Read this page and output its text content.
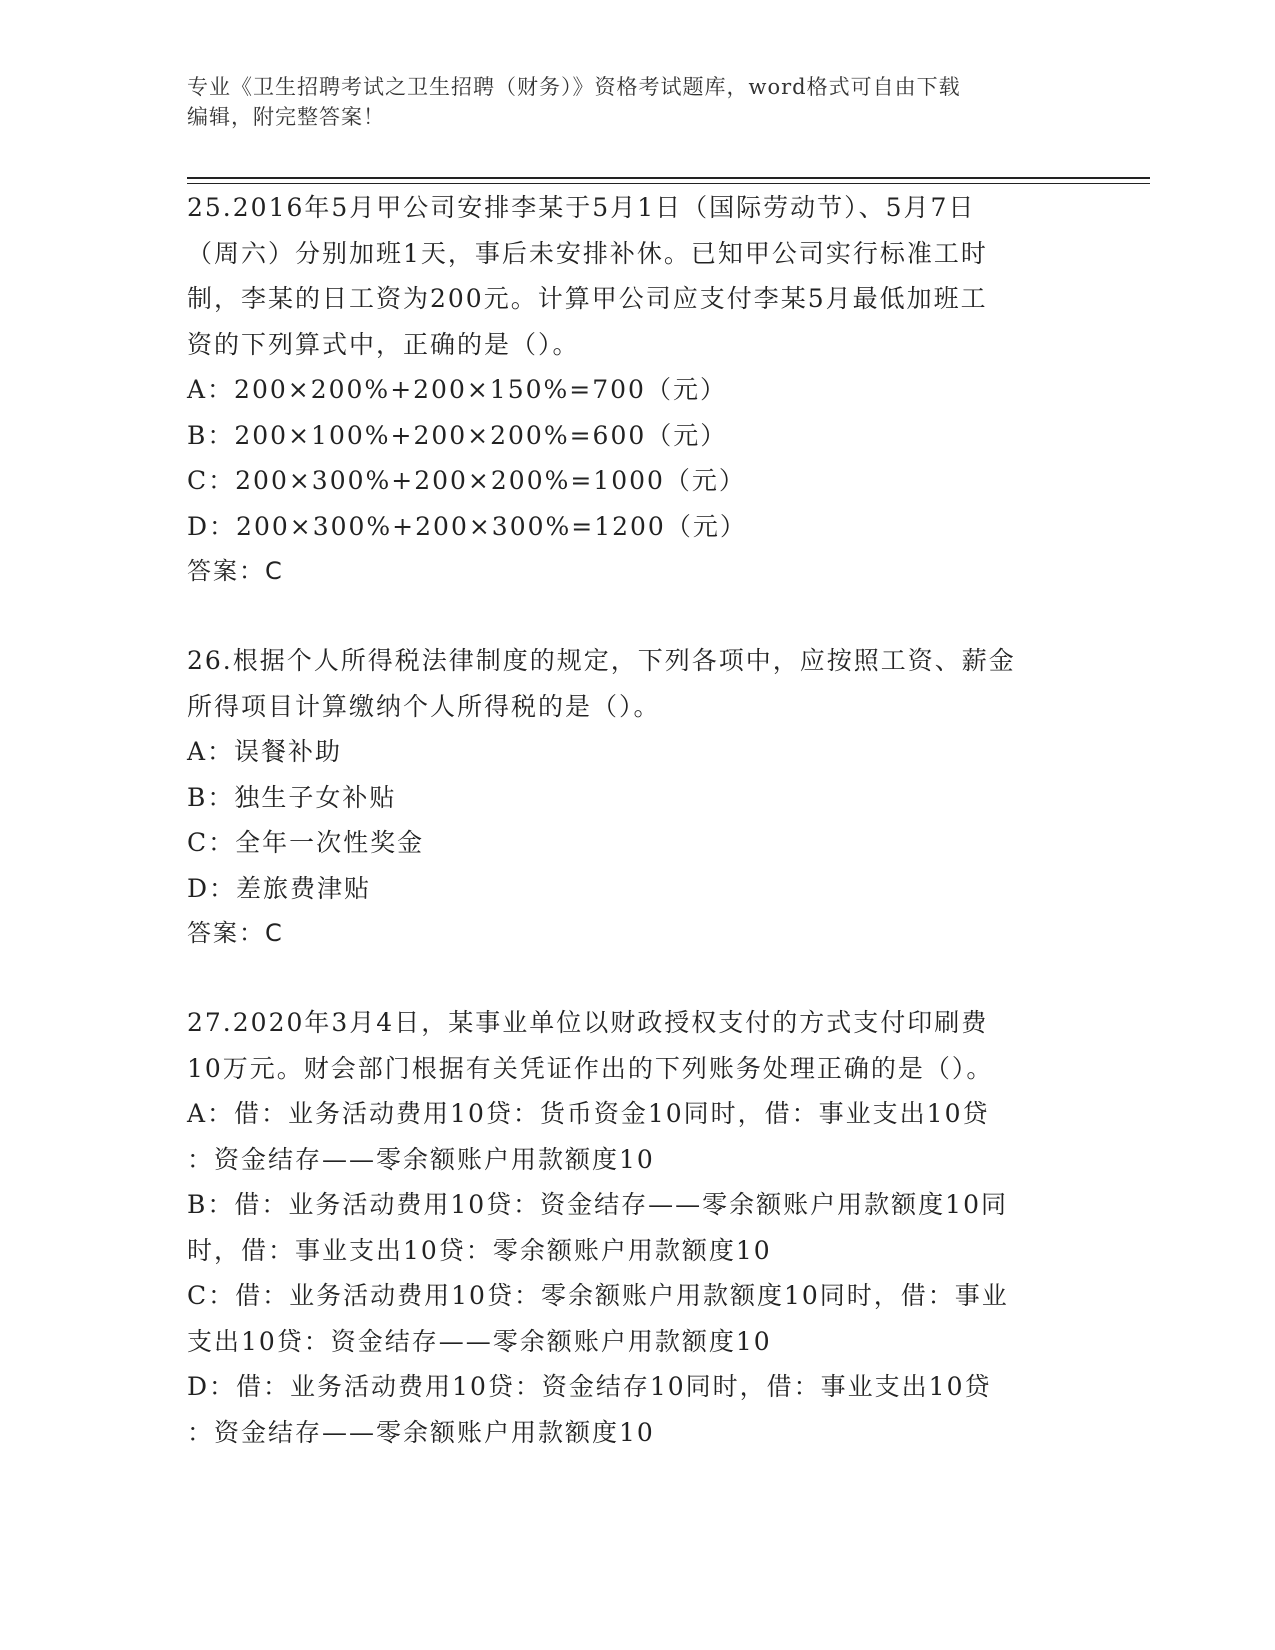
专业《卫生招聘考试之卫生招聘（财务）》资格考试题库，word格式可自由下载
编辑，附完整答案！
25.2016年5月甲公司安排李某于5月1日（国际劳动节）、5月7日
（周六）分别加班1天，事后未安排补休。已知甲公司实行标准工时
制，李某的日工资为200元。计算甲公司应支付李某5月最低加班工
资的下列算式中，正确的是（）。
A：200×200%+200×150%=700（元）
B：200×100%+200×200%=600（元）
C：200×300%+200×200%=1000（元）
D：200×300%+200×300%=1200（元）
答案：C
26.根据个人所得税法律制度的规定，下列各项中，应按照工资、薪金
所得项目计算缴纳个人所得税的是（）。
A：误餐补助
B：独生子女补贴
C：全年一次性奖金
D：差旅费津贴
答案：C
27.2020年3月4日，某事业单位以财政授权支付的方式支付印刷费
10万元。财会部门根据有关凭证作出的下列账务处理正确的是（）。
A：借：业务活动费用10贷：货币资金10同时，借：事业支出10贷
：资金结存——零余额账户用款额度10
B：借：业务活动费用10贷：资金结存——零余额账户用款额度10同
时，借：事业支出10贷：零余额账户用款额度10
C：借：业务活动费用10贷：零余额账户用款额度10同时，借：事业
支出10贷：资金结存——零余额账户用款额度10
D：借：业务活动费用10贷：资金结存10同时，借：事业支出10贷
：资金结存——零余额账户用款额度10
